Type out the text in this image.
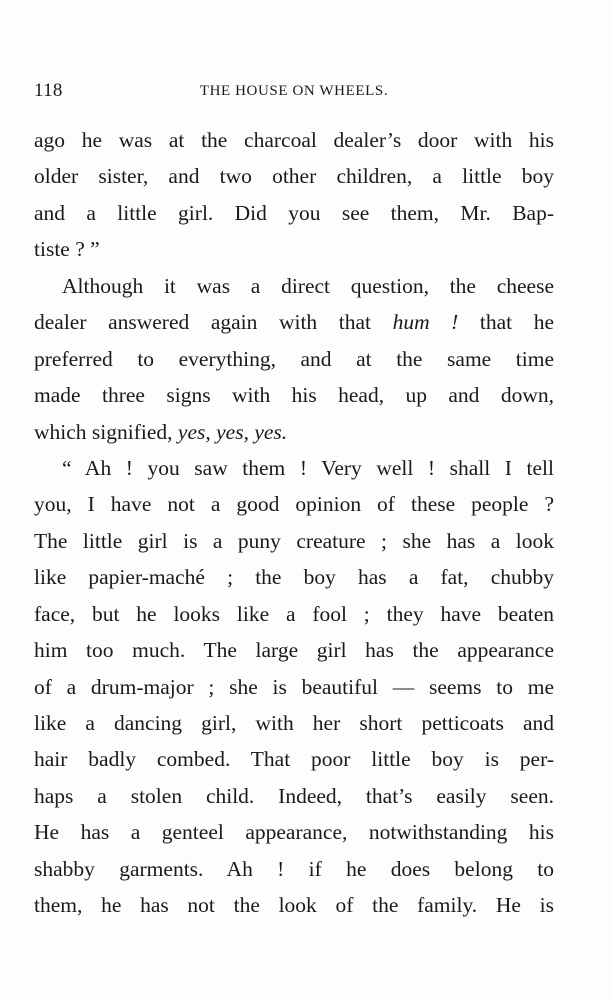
118	THE HOUSE ON WHEELS.
ago he was at the charcoal dealer’s door with his
older sister, and two other children, a little boy
and a little girl. Did you see them, Mr. Bap-
tiste ? ”
Although it was a direct question, the cheese
dealer answered again with that hum ! that he
preferred to everything, and at the same time
made three signs with his head, up and down,
which signified, yes, yes, yes.
“ Ah ! you saw them ! Very well ! shall I tell
you, I have not a good opinion of these people ?
The little girl is a puny creature ; she has a look
like papier-maché ; the boy has a fat, chubby
face, but he looks like a fool ; they have beaten
him too much. The large girl has the appearance
of a drum-major ; she is beautiful — seems to me
like a dancing girl, with her short petticoats and
hair badly combed. That poor little boy is per-
haps a stolen child. Indeed, that’s easily seen.
He has a genteel appearance, notwithstanding his
shabby garments. Ah ! if he does belong to
them, he has not the look of the family. He is
